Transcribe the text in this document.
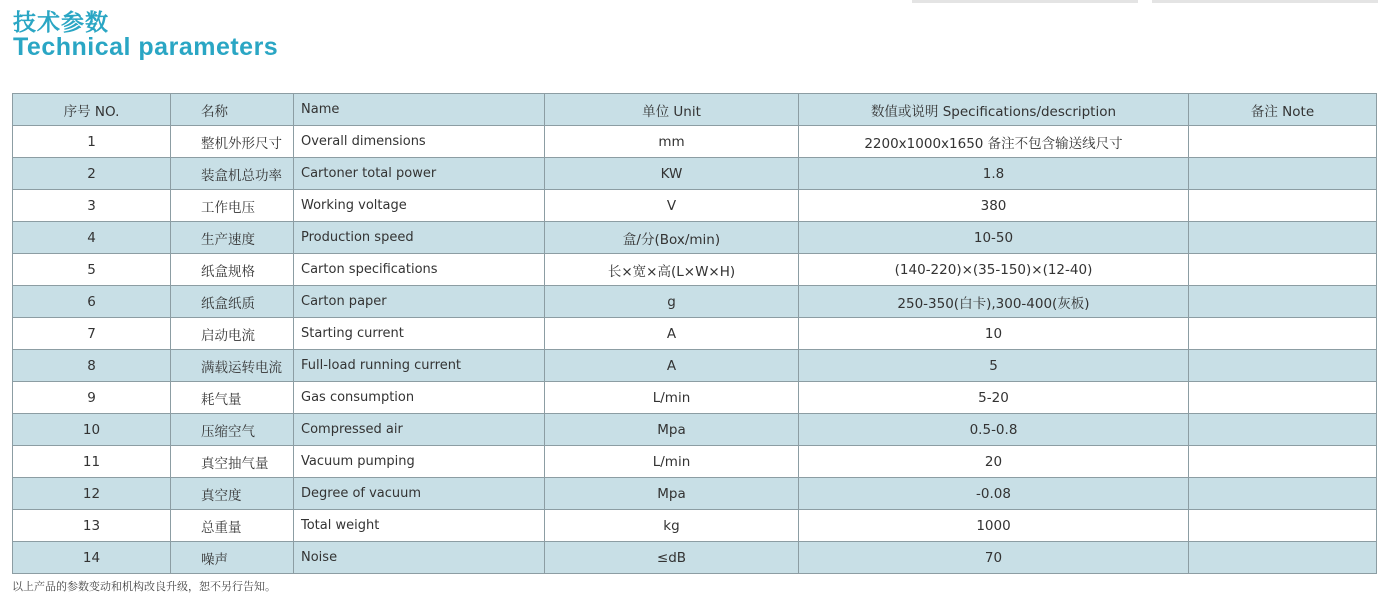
技术参数
Technical parameters
序号 NO.	名称	Name	单位 Unit	数值或说明 Specifications/description	备注 Note
1	整机外形尺寸	Overall dimensions	mm	2200x1000x1650 备注不包含输送线尺寸	
2	装盒机总功率	Cartoner total power	KW	1.8	
3	工作电压	Working voltage	V	380	
4	生产速度	Production speed	盒/分(Box/min)	10-50	
5	纸盒规格	Carton specifications	长×宽×高(L×W×H)	(140-220)×(35-150)×(12-40)	
6	纸盒纸质	Carton paper	g	250-350(白卡),300-400(灰板)	
7	启动电流	Starting current	A	10	
8	满载运转电流	Full-load running current	A	5	
9	耗气量	Gas consumption	L/min	5-20	
10	压缩空气	Compressed air	Mpa	0.5-0.8	
11	真空抽气量	Vacuum pumping	L/min	20	
12	真空度	Degree of vacuum	Mpa	-0.08	
13	总重量	Total weight	kg	1000	
14	噪声	Noise	≤dB	70	
以上产品的参数变动和机构改良升级，恕不另行告知。
